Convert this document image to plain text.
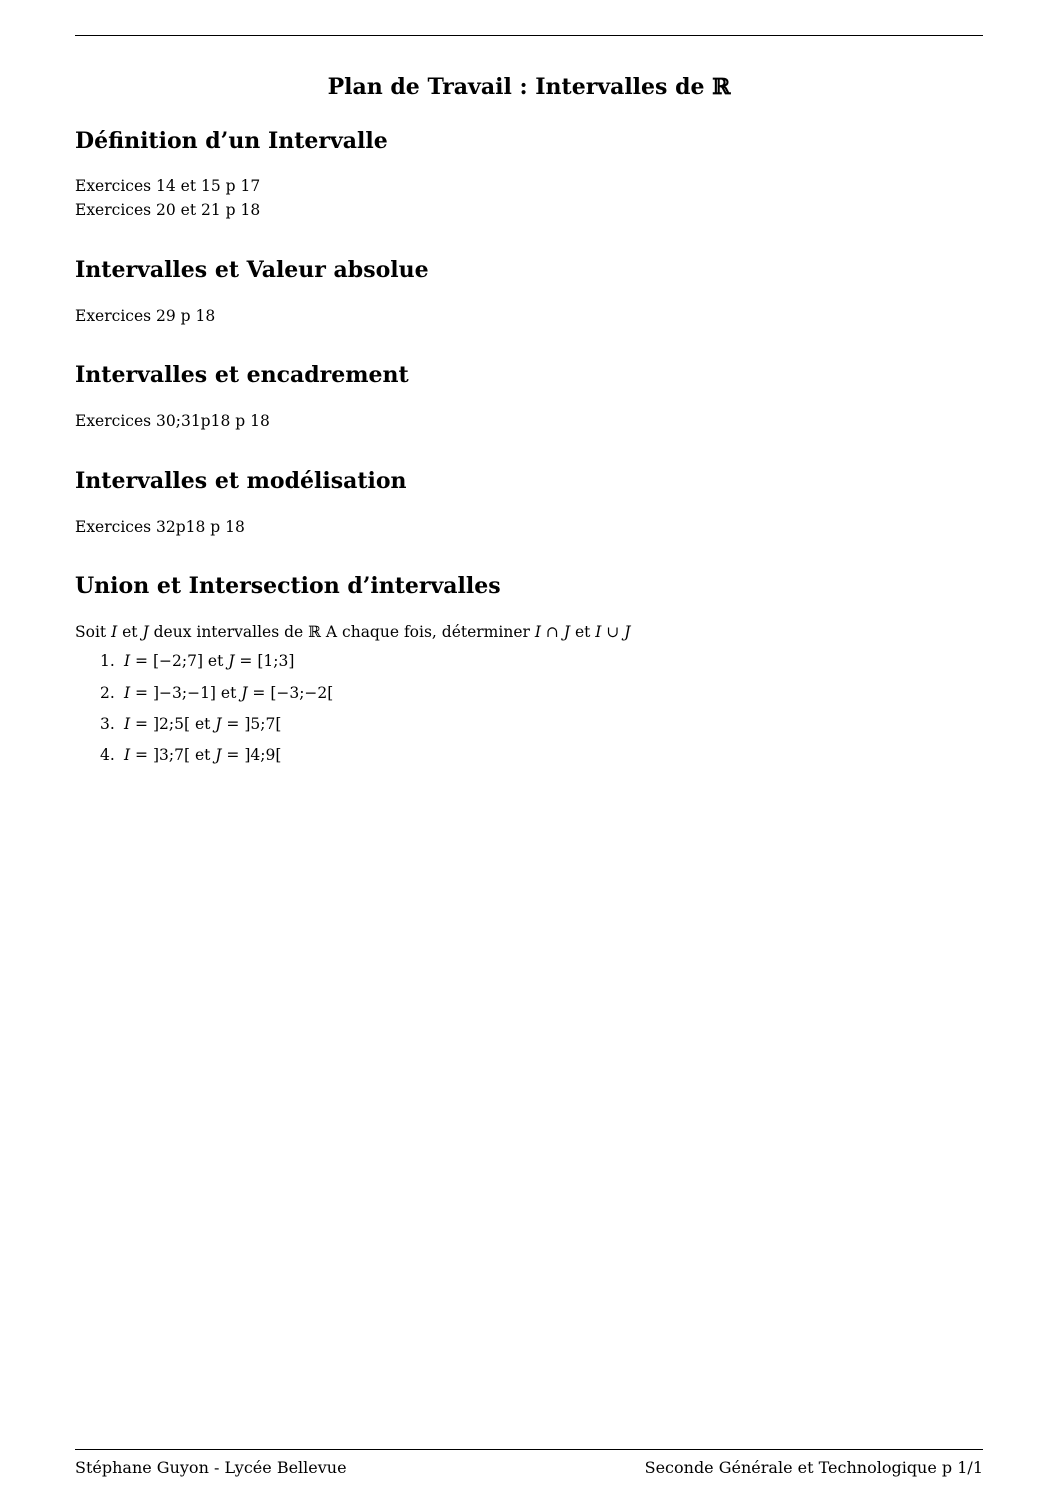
Plan de Travail : Intervalles de ℝ
Définition d’un Intervalle
Exercices 14 et 15 p 17
Exercices 20 et 21 p 18
Intervalles et Valeur absolue
Exercices 29 p 18
Intervalles et encadrement
Exercices 30;31p18 p 18
Intervalles et modélisation
Exercices 32p18 p 18
Union et Intersection d’intervalles
Soit I et J deux intervalles de ℝ A chaque fois, déterminer I ∩ J et I ∪ J
1. I = [−2;7] et J = [1;3]
2. I = ]−3;−1] et J = [−3;−2[
3. I = ]2;5[ et J = ]5;7[
4. I = ]3;7[ et J = ]4;9[
Stéphane Guyon - Lycée Bellevue	Seconde Générale et Technologique p 1/1
